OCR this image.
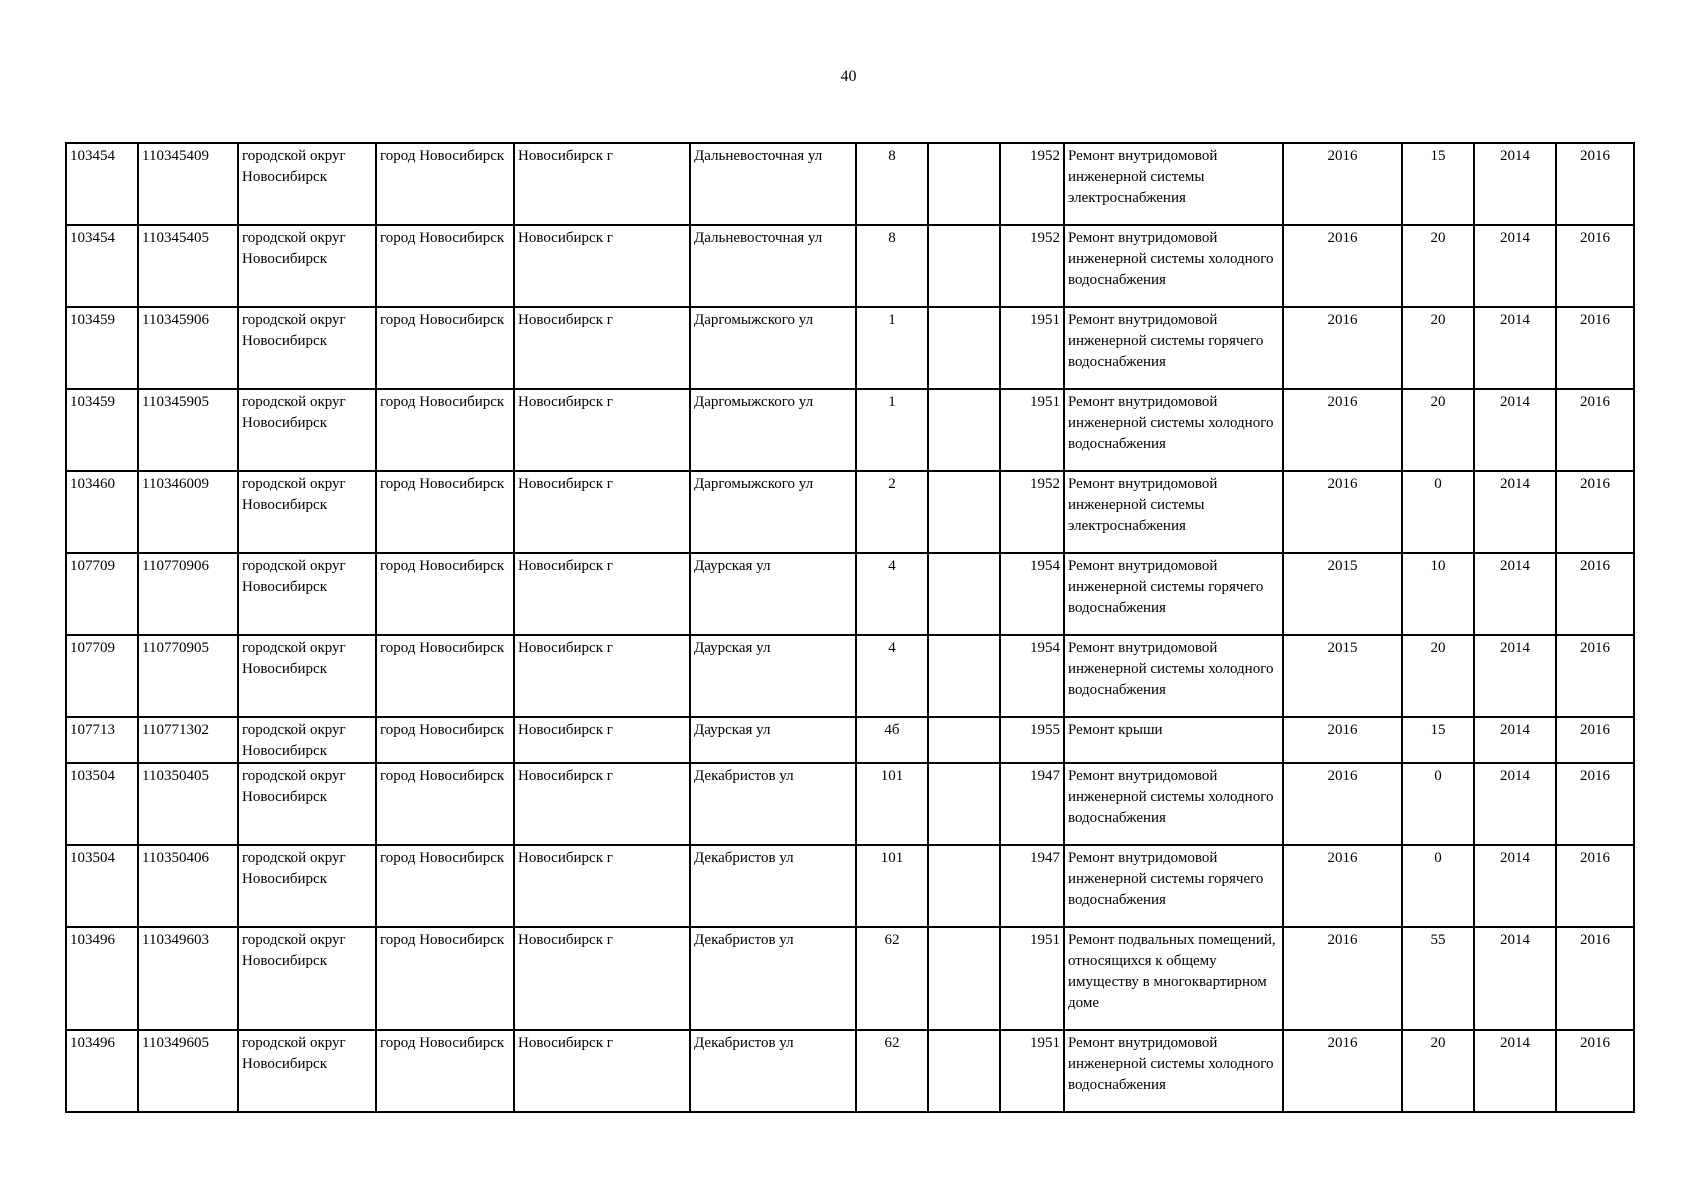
40
103454	110345409	городской округ Новосибирск	город Новосибирск	Новосибирск г	Дальневосточная ул	8		1952	Ремонт внутридомовой инженерной системы электроснабжения	2016	15	2014	2016
103454	110345405	городской округ Новосибирск	город Новосибирск	Новосибирск г	Дальневосточная ул	8		1952	Ремонт внутридомовой инженерной системы холодного водоснабжения	2016	20	2014	2016
103459	110345906	городской округ Новосибирск	город Новосибирск	Новосибирск г	Даргомыжского ул	1		1951	Ремонт внутридомовой инженерной системы горячего водоснабжения	2016	20	2014	2016
103459	110345905	городской округ Новосибирск	город Новосибирск	Новосибирск г	Даргомыжского ул	1		1951	Ремонт внутридомовой инженерной системы холодного водоснабжения	2016	20	2014	2016
103460	110346009	городской округ Новосибирск	город Новосибирск	Новосибирск г	Даргомыжского ул	2		1952	Ремонт внутридомовой инженерной системы электроснабжения	2016	0	2014	2016
107709	110770906	городской округ Новосибирск	город Новосибирск	Новосибирск г	Даурская ул	4		1954	Ремонт внутридомовой инженерной системы горячего водоснабжения	2015	10	2014	2016
107709	110770905	городской округ Новосибирск	город Новосибирск	Новосибирск г	Даурская ул	4		1954	Ремонт внутридомовой инженерной системы холодного водоснабжения	2015	20	2014	2016
107713	110771302	городской округ Новосибирск	город Новосибирск	Новосибирск г	Даурская ул	4б		1955	Ремонт крыши	2016	15	2014	2016
103504	110350405	городской округ Новосибирск	город Новосибирск	Новосибирск г	Декабристов ул	101		1947	Ремонт внутридомовой инженерной системы холодного водоснабжения	2016	0	2014	2016
103504	110350406	городской округ Новосибирск	город Новосибирск	Новосибирск г	Декабристов ул	101		1947	Ремонт внутридомовой инженерной системы горячего водоснабжения	2016	0	2014	2016
103496	110349603	городской округ Новосибирск	город Новосибирск	Новосибирск г	Декабристов ул	62		1951	Ремонт подвальных помещений, относящихся к общему имуществу в многоквартирном доме	2016	55	2014	2016
103496	110349605	городской округ Новосибирск	город Новосибирск	Новосибирск г	Декабристов ул	62		1951	Ремонт внутридомовой инженерной системы холодного водоснабжения	2016	20	2014	2016
